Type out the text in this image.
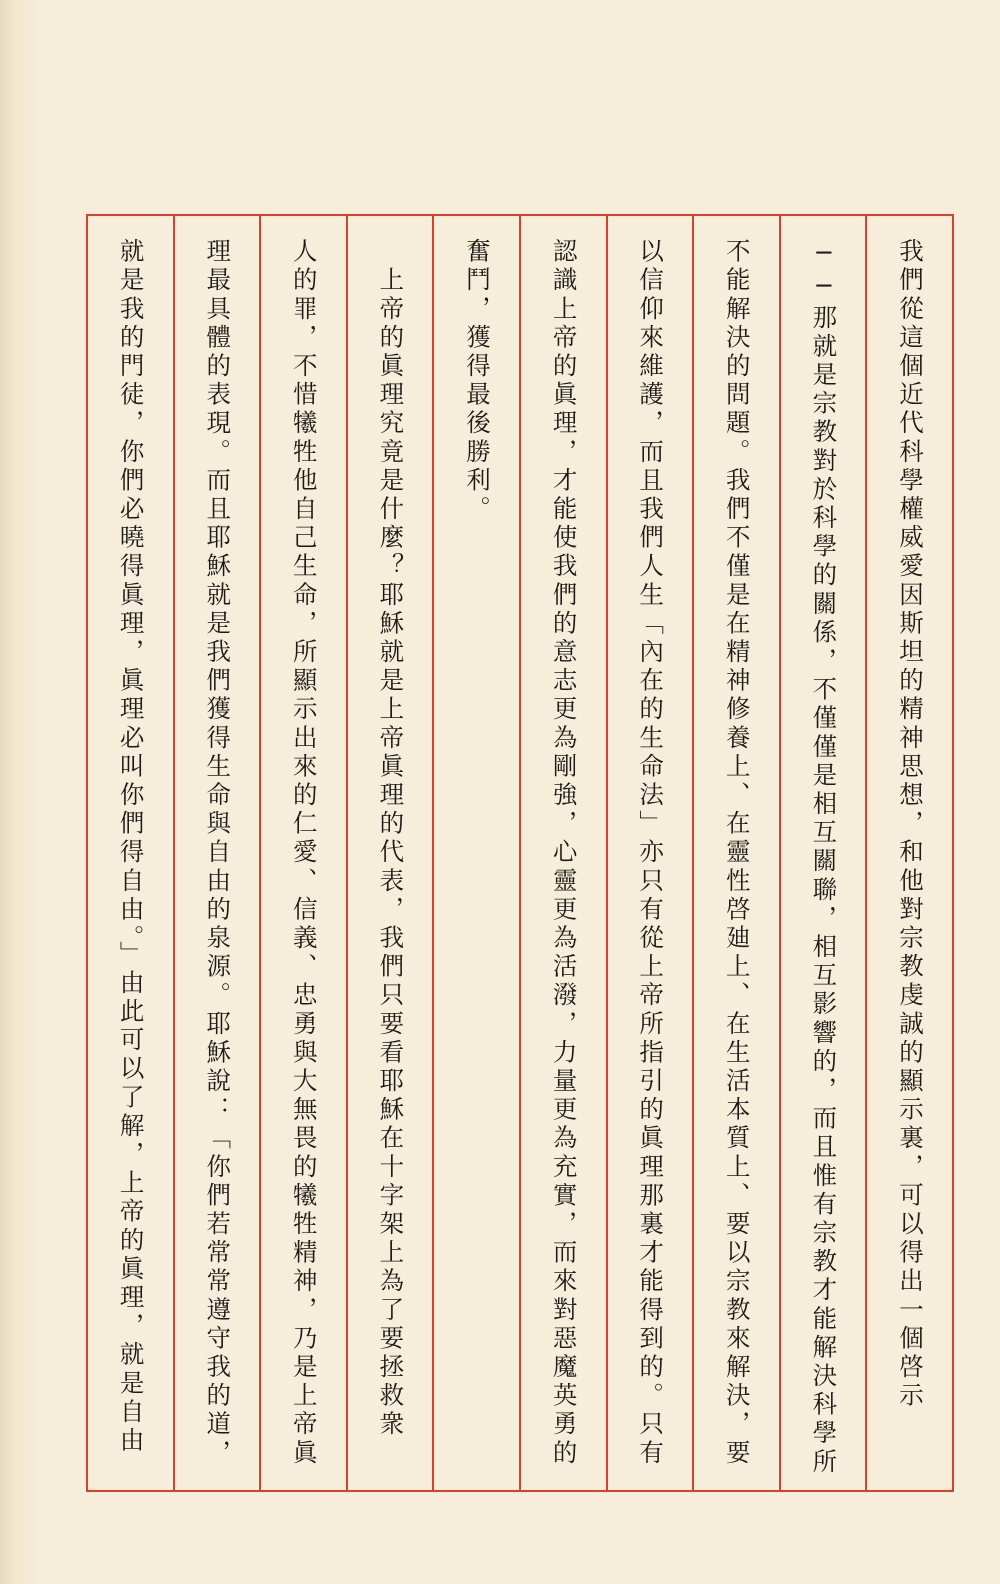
我們從這個近代科學權威愛因斯坦的精神思想，和他對宗教虔誠的顯示裏，可以得出一個啓示
──那就是宗教對於科學的關係，不僅僅是相互關聯，相互影響的，而且惟有宗教才能解決科學所
不能解決的問題。我們不僅是在精神修養上、在靈性啓廸上、在生活本質上、要以宗教來解決，要
以信仰來維護，而且我們人生「內在的生命法」亦只有從上帝所指引的眞理那裏才能得到的。只有
認識上帝的眞理，才能使我們的意志更為剛強，心靈更為活潑，力量更為充實，而來對惡魔英勇的
奮鬥，獲得最後勝利。
　上帝的眞理究竟是什麼？耶穌就是上帝眞理的代表，我們只要看耶穌在十字架上為了要拯救衆
人的罪，不惜犧牲他自己生命，所顯示出來的仁愛、信義、忠勇與大無畏的犧牲精神，乃是上帝眞
理最具體的表現。而且耶穌就是我們獲得生命與自由的泉源。耶穌說：「你們若常常遵守我的道，
就是我的門徒，你們必曉得眞理，眞理必叫你們得自由。」由此可以了解，上帝的眞理，就是自由
